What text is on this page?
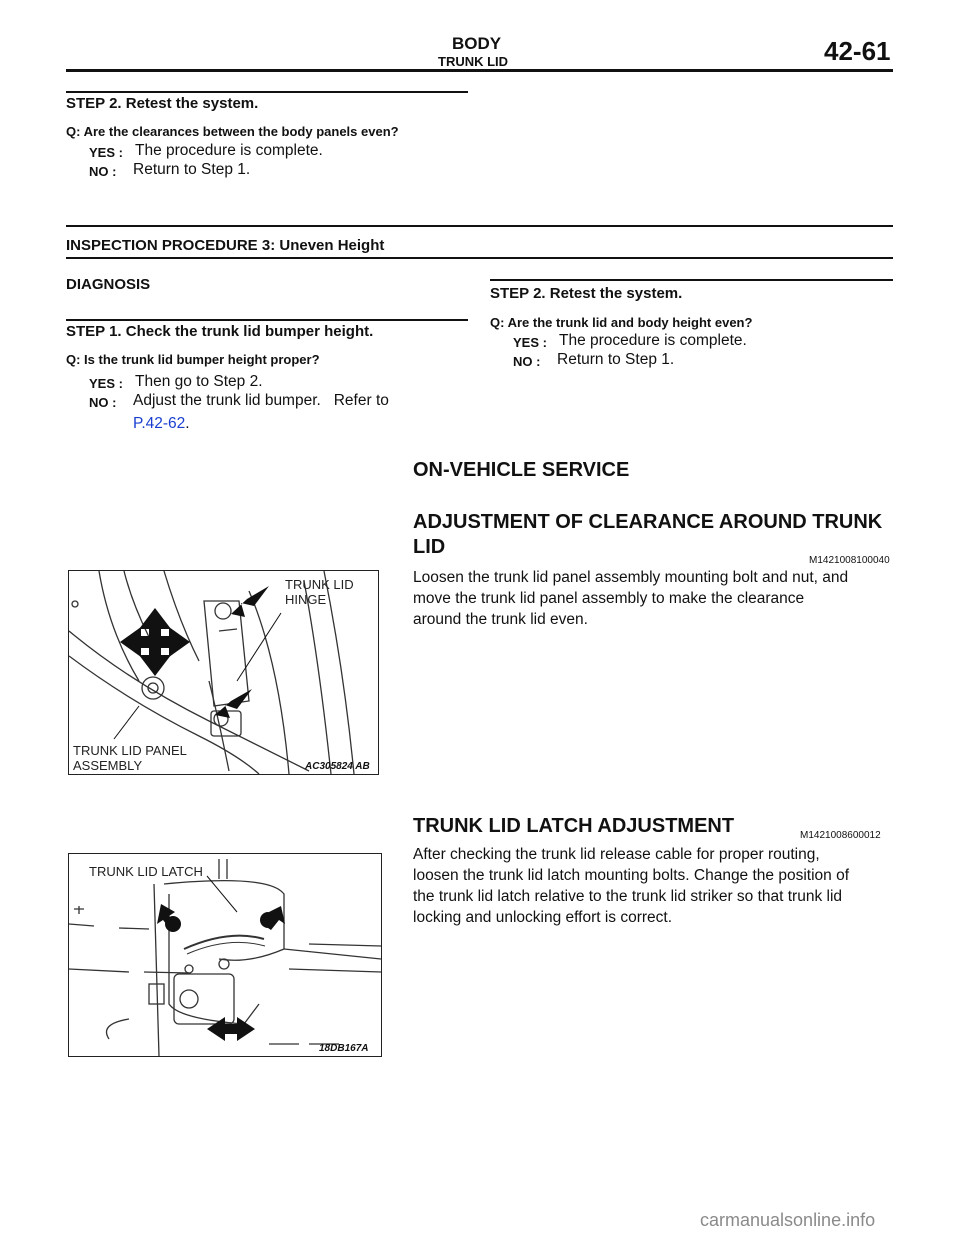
BODY
TRUNK LID	42-61
STEP 2. Retest the system.
Q: Are the clearances between the body panels even?
YES : The procedure is complete.
NO : Return to Step 1.
INSPECTION PROCEDURE 3: Uneven Height
DIAGNOSIS
STEP 1. Check the trunk lid bumper height.
Q: Is the trunk lid bumper height proper?
YES : Then go to Step 2.
NO : Adjust the trunk lid bumper.   Refer to
P.42-62.
STEP 2. Retest the system.
Q: Are the trunk lid and body height even?
YES : The procedure is complete.
NO : Return to Step 1.
ON-VEHICLE SERVICE
ADJUSTMENT OF CLEARANCE AROUND TRUNK
LID
M1421008100040
Loosen the trunk lid panel assembly mounting bolt and nut, and
move the trunk lid panel assembly to make the clearance
around the trunk lid even.
TRUNK LID
HINGE
TRUNK LID PANEL
ASSEMBLY	AC305824 AB
TRUNK LID LATCH ADJUSTMENT	M1421008600012
After checking the trunk lid release cable for proper routing,
loosen the trunk lid latch mounting bolts. Change the position of
the trunk lid latch relative to the trunk lid striker so that trunk lid
locking and unlocking effort is correct.
TRUNK LID LATCH
18DB167A
carmanualsonline.info
